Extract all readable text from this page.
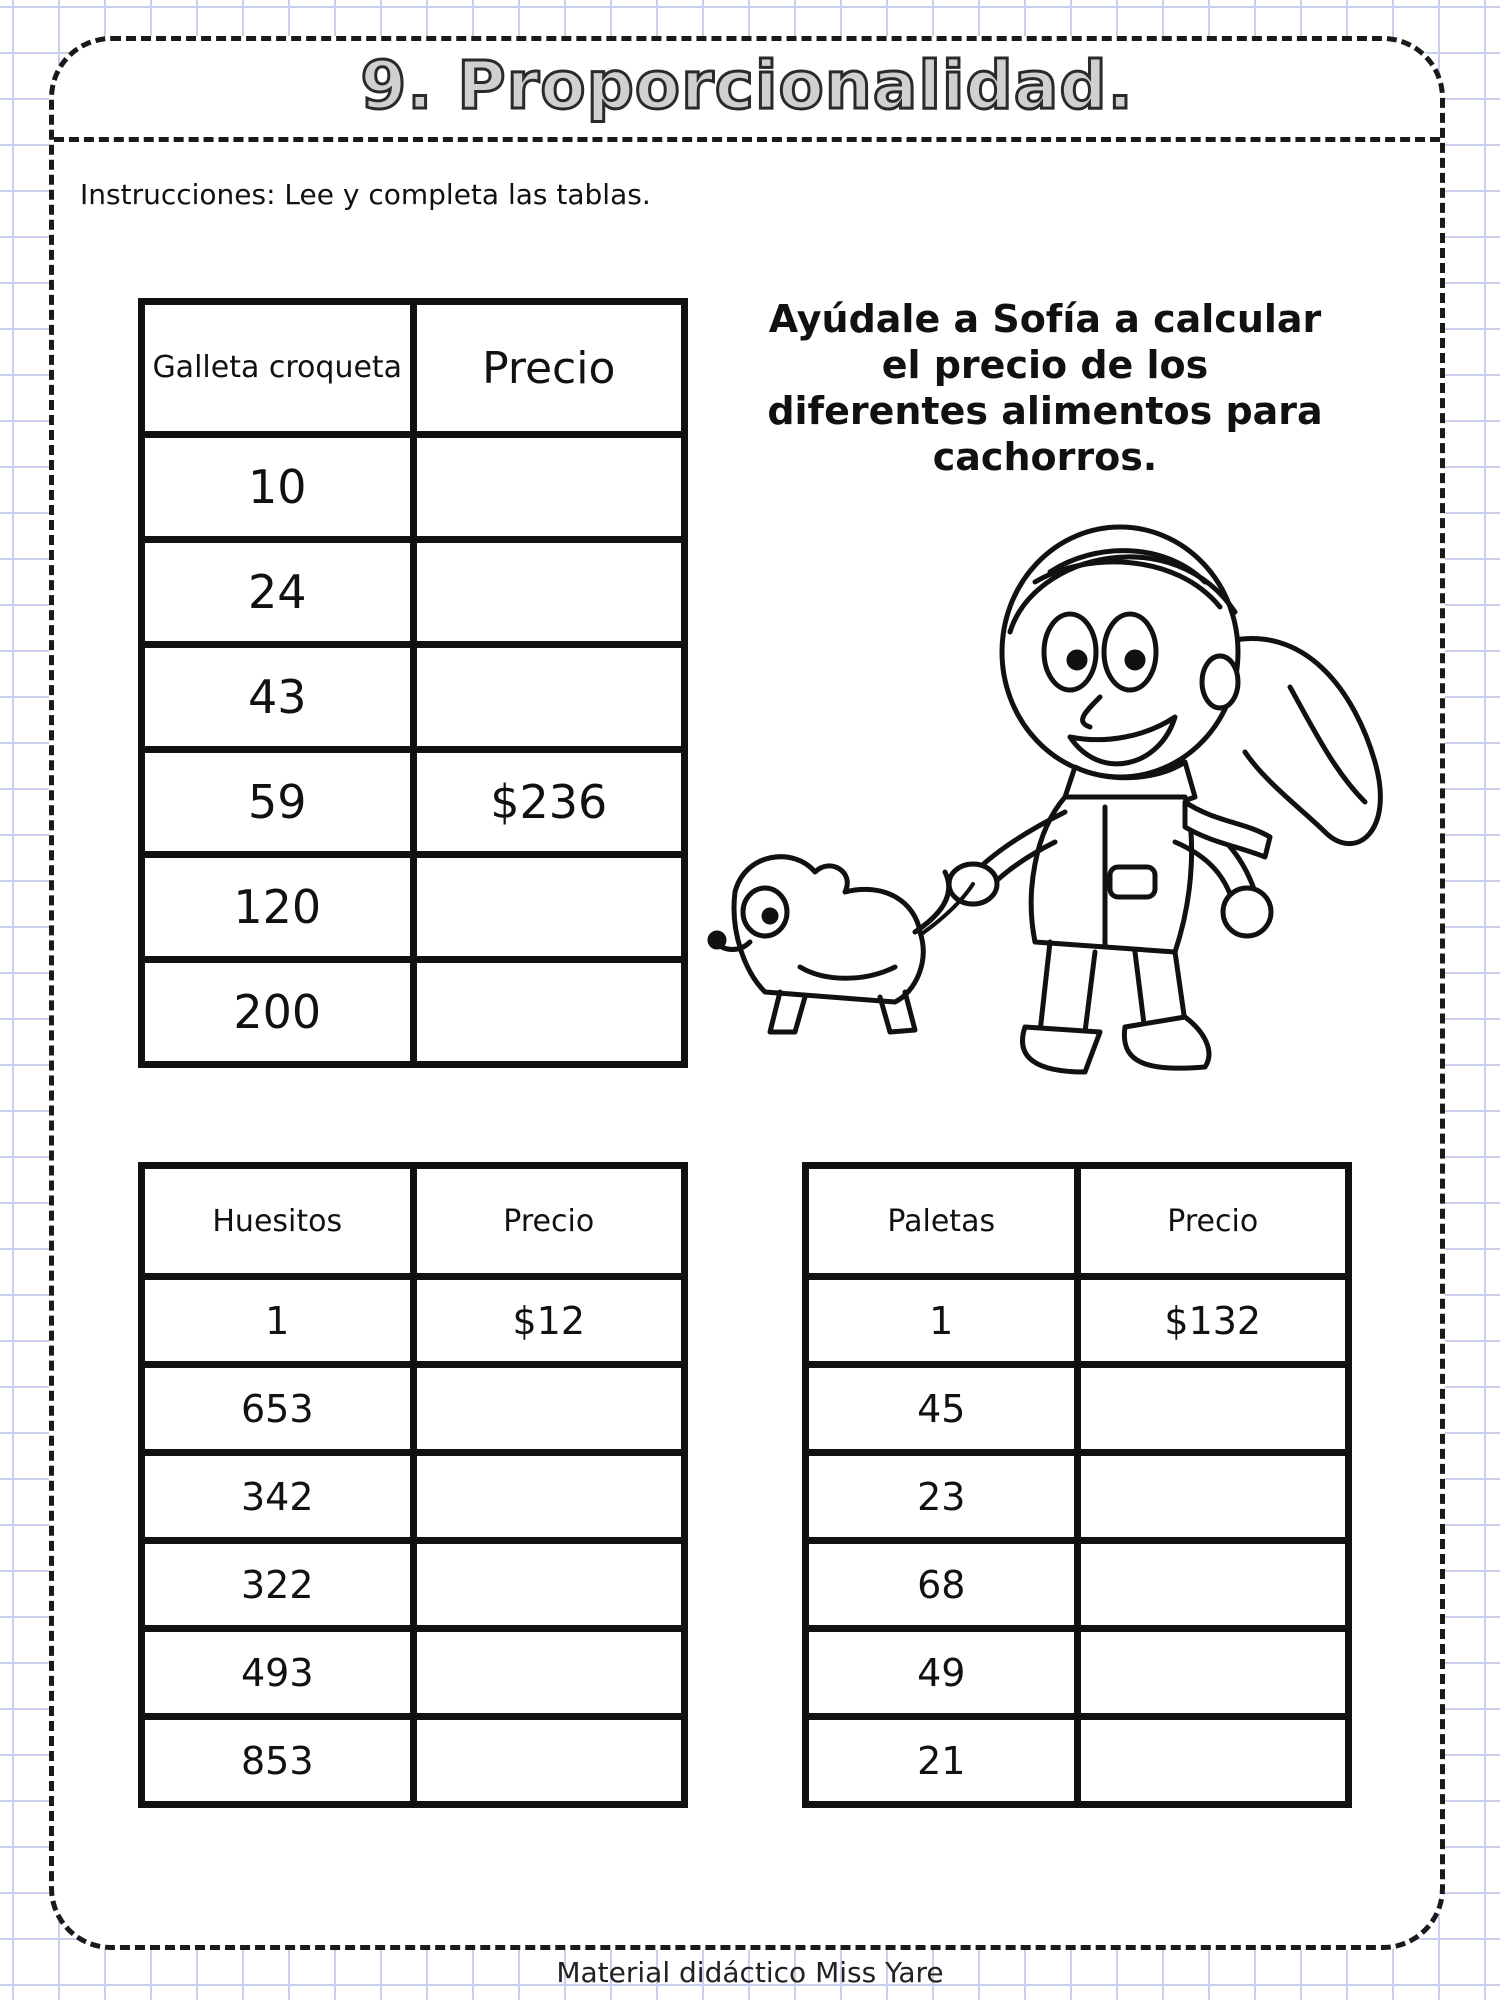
9. Proporcionalidad.
Instrucciones: Lee y completa las tablas.
Ayúdale a Sofía a calcular el precio de los diferentes alimentos para cachorros.
Galleta croqueta	Precio
10	
24	
43	
59	$236
120	
200	
Huesitos	Precio
1	$12
653	
342	
322	
493	
853	
Paletas	Precio
1	$132
45	
23	
68	
49	
21	
Material didáctico Miss Yare
